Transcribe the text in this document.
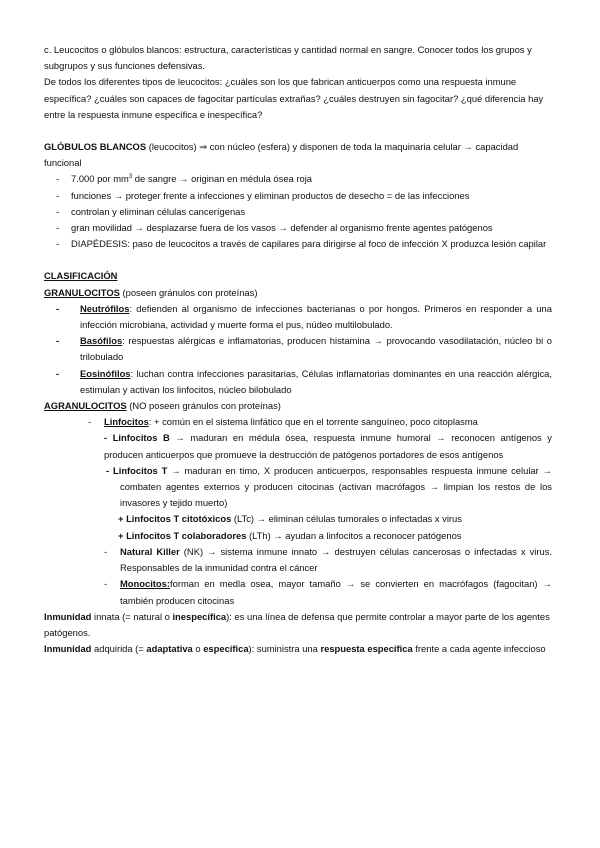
c. Leucocitos o glóbulos blancos: estructura, características y cantidad normal en sangre. Conocer todos los grupos y subgrupos y sus funciones defensivas.

De todos los diferentes tipos de leucocitos: ¿cuáles son los que fabrican anticuerpos como una respuesta inmune específica? ¿cuáles son capaces de fagocitar partículas extrañas? ¿cuáles destruyen sin fagocitar? ¿qué diferencia hay entre la respuesta inmune específica e inespecífica?

GLÓBULOS BLANCOS (leucocitos) ⇒ con núcleo (esfera) y disponen de toda la maquinaria celular → capacidad funcional

- 7.000 por $mm^3$ de sangre → originan en médula ósea roja
- funciones → proteger frente a infecciones y eliminan productos de desecho = de las infecciones
- controlan y eliminan células cancerígenas
- gran movilidad → desplazarse fuera de los vasos → defender al organismo frente agentes patógenos
- DIAPÉDESIS: paso de leucocitos a través de capilares para dirigirse al foco de infección X produzca lesión capilar

CLASIFICACIÓN

GRANULOCITOS (poseen gránulos con proteínas)

- Neutrófilos: defienden al organismo de infecciones bacterianas o por hongos. Primeros en responder a una infección microbiana, actividad y muerte forma el pus, núdeo multilobulado.

- Basófilos: respuestas alérgicas e inflamatorias, producen histamina → provocando vasodilatación, núcleo bi o trilobulado

- Eosinófilos: luchan contra infecciones parasitarias, Células inflamatorias dominantes en una reacción alérgica, estimulan y activan los linfocitos, núcleo bilobulado

AGRANULOCITOS (NO poseen gránulos con proteínas)

- Linfocitos: + común en el sistema linfático que en el torrente sanguíneo, poco citoplasma

- Linfocitos B → maduran en médula ósea, respuesta inmune humoral → reconocen antígenos y producen anticuerpos que promueve la destrucción de patógenos portadores de esos antígenos

- Linfocitos T → maduran en timo, X producen anticuerpos, responsables respuesta inmune celular → combaten agentes externos y producen citocinas (activan macrófagos → limpian los restos de los invasores y tejido muerto)

+ Linfocitos T citotóxicos (LTc) → eliminan células tumorales o infectadas x virus

+ Linfocitos T colaboradores (LTh) → ayudan a linfocitos a reconocer patógenos

- Natural Killer (NK) → sistema inmune innato → destruyen células cancerosas o infectadas x virus. Responsables de la inmunidad contra el cáncer

- Monocitos:forman en medla osea, mayor tamaño → se convierten en macrófagos (fagocitan) → también producen citocinas

Inmunidad innata (= natural o inespecífica): es una línea de defensa que permite controlar a mayor parte de los agentes patógenos.

Inmunidad adquirida (= adaptativa o específica): suministra una respuesta específica frente a cada agente infeccioso
